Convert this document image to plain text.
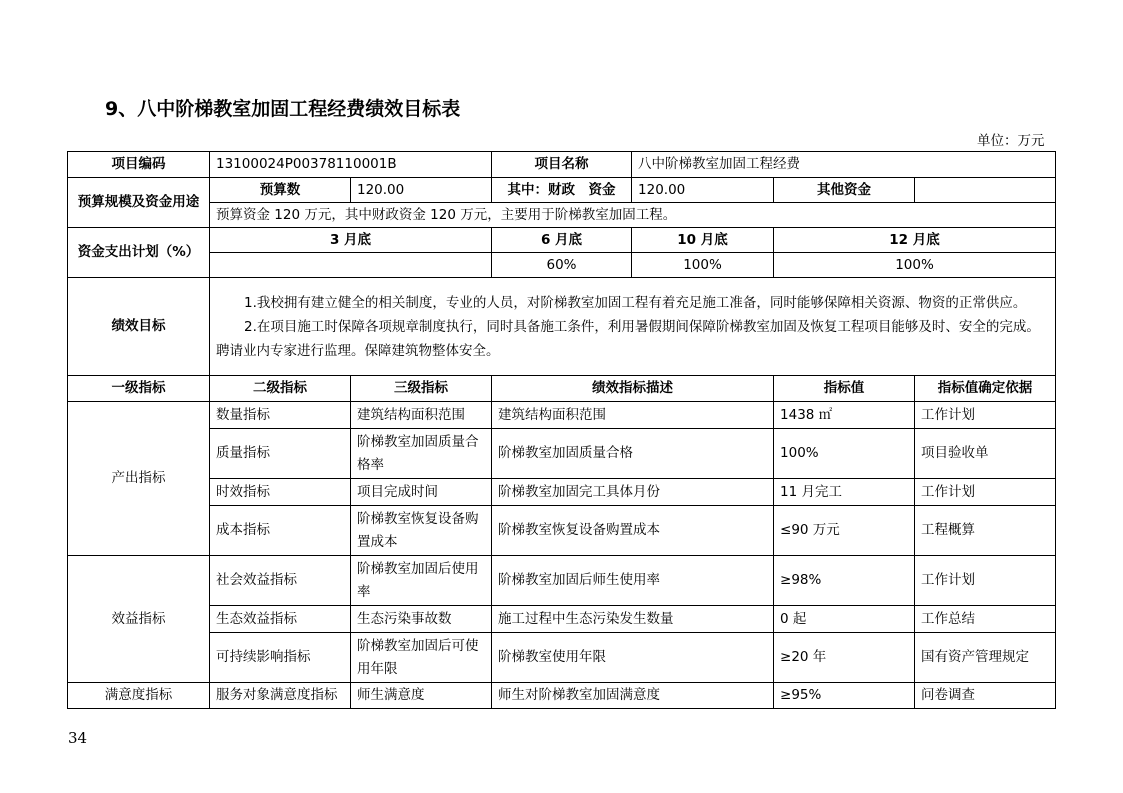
9、八中阶梯教室加固工程经费绩效目标表
单位：万元
项目编码	13100024P00378110001B		项目名称	八中阶梯教室加固工程经费		
预算规模及资金用途	预算数	120.00	其中：财政　资金	120.00	其他资金	
	预算资金 120 万元，其中财政资金 120 万元，主要用于阶梯教室加固工程。					
资金支出计划（%）	3 月底		6 月底	10 月底	12 月底	
			60%	100%	100%	
绩效目标	1.我校拥有建立健全的相关制度，专业的人员，对阶梯教室加固工程有着充足施工准备，同时能够保障相关资源、物资的正常供应。

2.在项目施工时保障各项规章制度执行，同时具备施工条件，利用暑假期间保障阶梯教室加固及恢复工程项目能够及时、安全的完成。聘请业内专家进行监理。保障建筑物整体安全。					

一级指标	二级指标	三级指标	绩效指标描述		指标值	指标值确定依据
产出指标	数量指标	建筑结构面积范围	建筑结构面积范围		1438 ㎡	工作计划
	质量指标	阶梯教室加固质量合格率	阶梯教室加固质量合格		100%	项目验收单
	时效指标	项目完成时间	阶梯教室加固完工具体月份		11 月完工	工作计划
	成本指标	阶梯教室恢复设备购置成本	阶梯教室恢复设备购置成本		≤90 万元	工程概算
效益指标	社会效益指标	阶梯教室加固后使用率	阶梯教室加固后师生使用率		≥98%	工作计划
	生态效益指标	生态污染事故数	施工过程中生态污染发生数量		0 起	工作总结
	可持续影响指标	阶梯教室加固后可使用年限	阶梯教室使用年限		≥20 年	国有资产管理规定
满意度指标	服务对象满意度指标	师生满意度	师生对阶梯教室加固满意度		≥95%	问卷调查
34
